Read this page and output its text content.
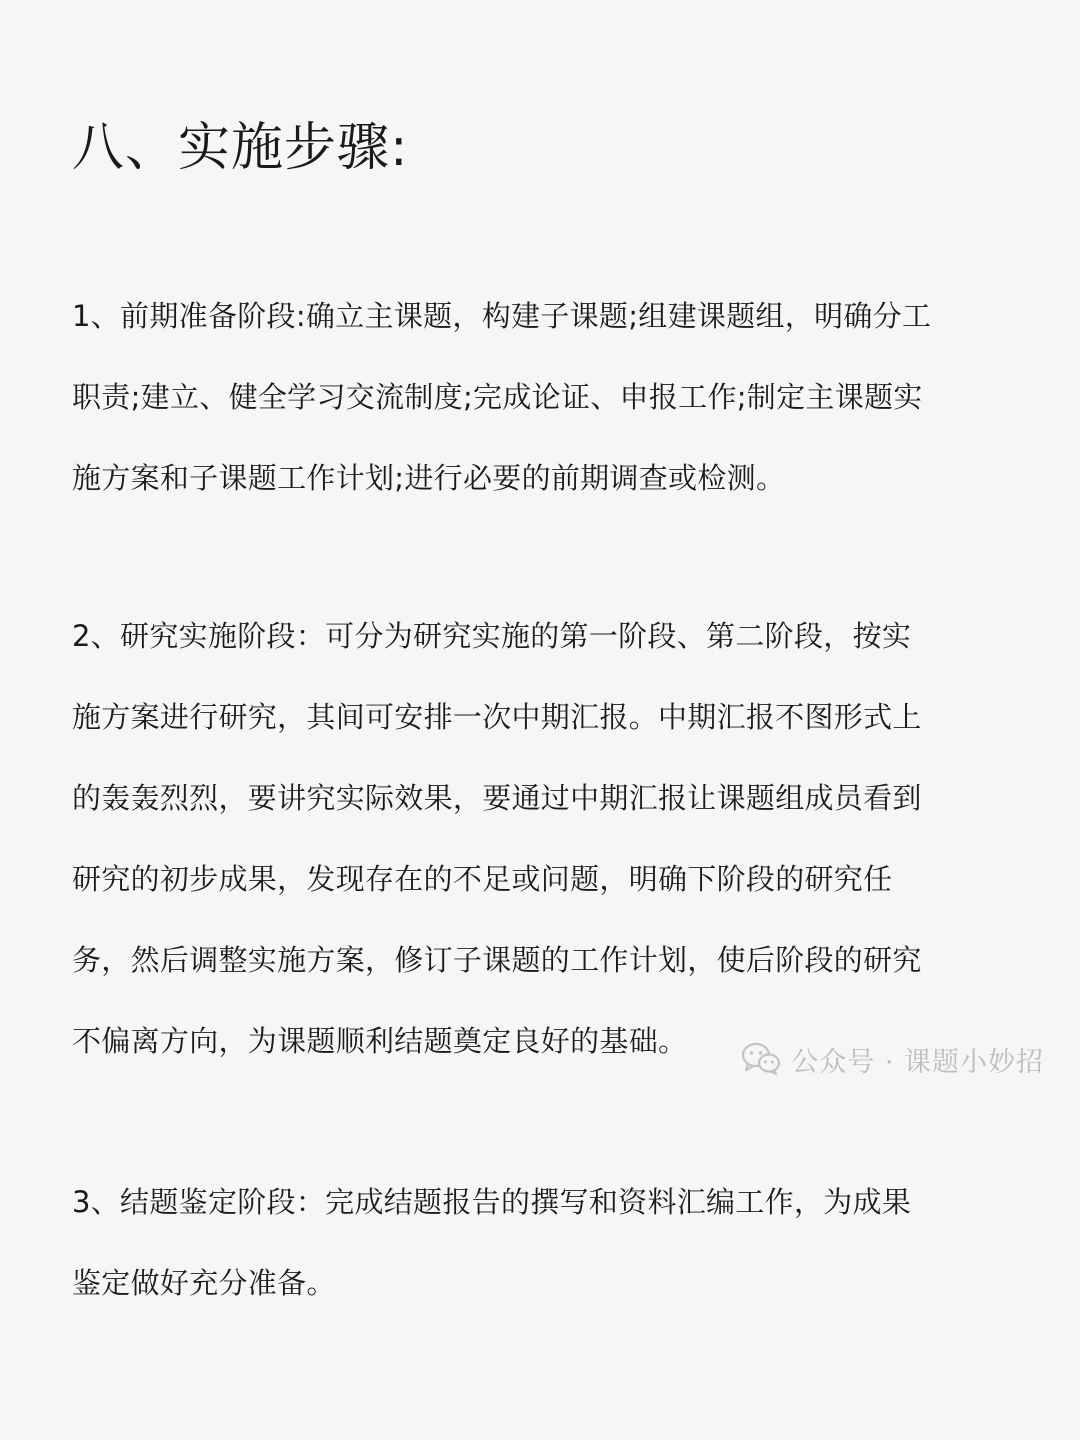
八、实施步骤:
1、前期准备阶段:确立主课题，构建子课题;组建课题组，明确分工
职责;建立、健全学习交流制度;完成论证、申报工作;制定主课题实
施方案和子课题工作计划;进行必要的前期调查或检测。
2、研究实施阶段：可分为研究实施的第一阶段、第二阶段，按实
施方案进行研究，其间可安排一次中期汇报。中期汇报不图形式上
的轰轰烈烈，要讲究实际效果，要通过中期汇报让课题组成员看到
研究的初步成果，发现存在的不足或问题，明确下阶段的研究任
务，然后调整实施方案，修订子课题的工作计划，使后阶段的研究
不偏离方向，为课题顺利结题奠定良好的基础。
3、结题鉴定阶段：完成结题报告的撰写和资料汇编工作，为成果
鉴定做好充分准备。
公众号 · 课题小妙招
